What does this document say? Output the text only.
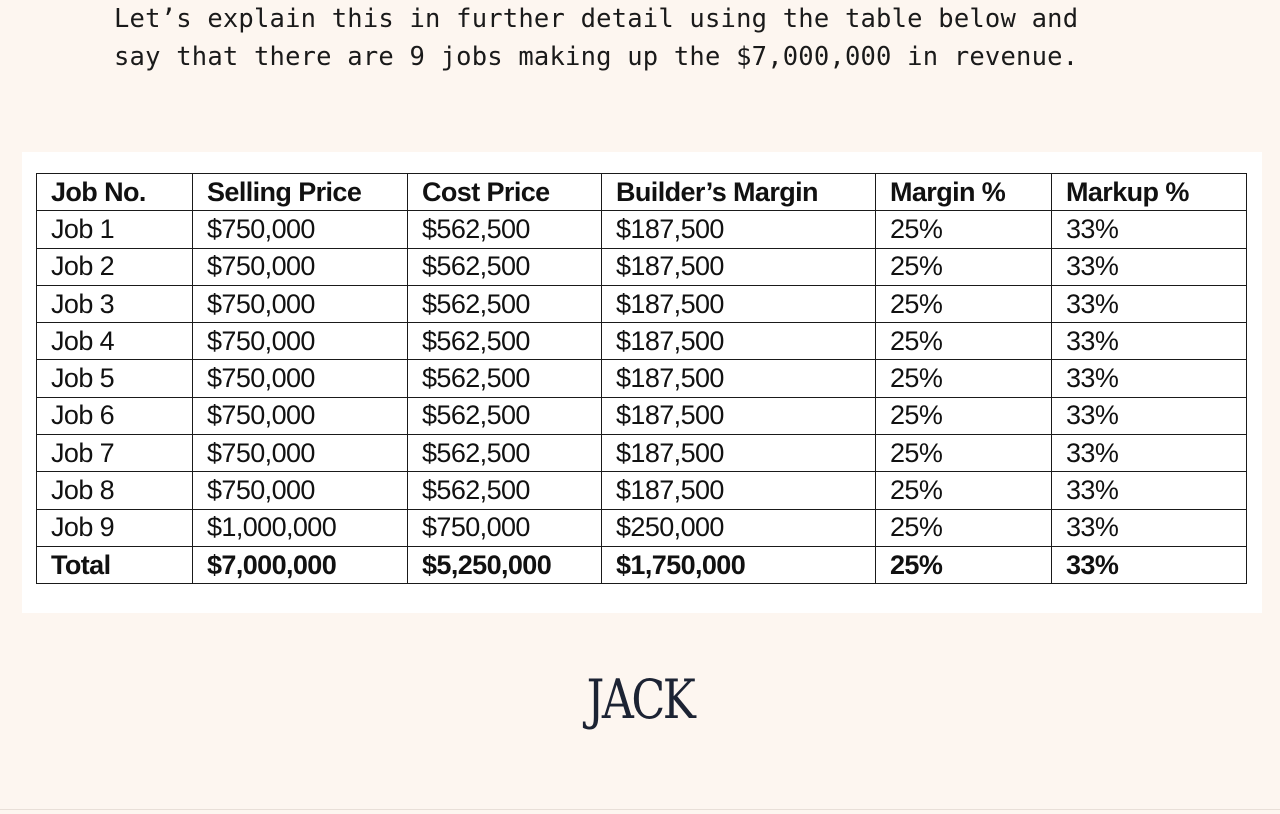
Let’s explain this in further detail using the table below and

say that there are 9 jobs making up the $7,000,000 in revenue.

Job No.	Selling Price	Cost Price	Builder’s Margin	Margin %	Markup %
Job 1	$750,000	$562,500	$187,500	25%	33%
Job 2	$750,000	$562,500	$187,500	25%	33%
Job 3	$750,000	$562,500	$187,500	25%	33%
Job 4	$750,000	$562,500	$187,500	25%	33%
Job 5	$750,000	$562,500	$187,500	25%	33%
Job 6	$750,000	$562,500	$187,500	25%	33%
Job 7	$750,000	$562,500	$187,500	25%	33%
Job 8	$750,000	$562,500	$187,500	25%	33%
Job 9	$1,000,000	$750,000	$250,000	25%	33%
Total	$7,000,000	$5,250,000	$1,750,000	25%	33%
JACK
